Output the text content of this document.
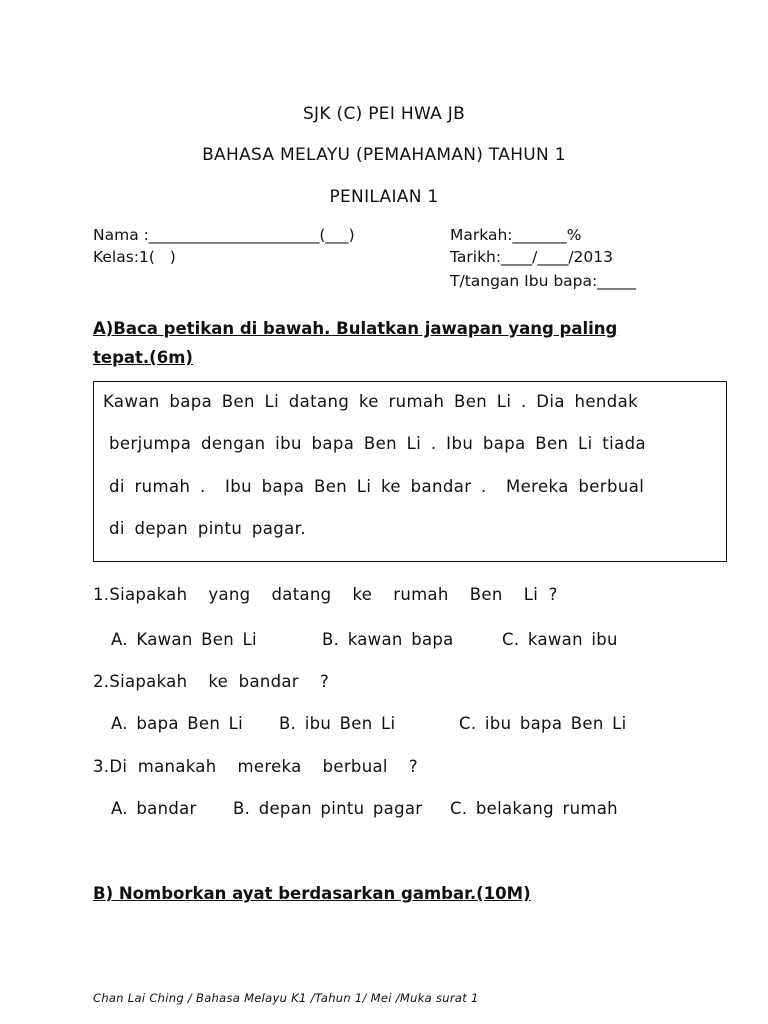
SJK (C) PEI HWA JB
BAHASA MELAYU (PEMAHAMAN) TAHUN 1
PENILAIAN 1
Nama :______________________(___)	Markah:_______%
Kelas:1(   )	Tarikh:____/____/2013
T/tangan Ibu bapa:_____
A)Baca petikan di bawah. Bulatkan jawapan yang paling
tepat.(6m)
Kawan bapa Ben Li datang ke rumah Ben Li . Dia hendak
berjumpa dengan ibu bapa Ben Li . Ibu bapa Ben Li tiada
di rumah .  Ibu bapa Ben Li ke bandar .  Mereka berbual
di depan pintu pagar.
1.Siapakah  yang  datang  ke  rumah  Ben  Li ?
A. Kawan Ben Li	B. kawan bapa	C. kawan ibu
2.Siapakah  ke bandar  ?
A. bapa Ben Li B. ibu Ben Li	C. ibu bapa Ben Li
3.Di manakah  mereka  berbual  ?
A. bandar B. depan pintu pagar C. belakang rumah
B) Nomborkan ayat berdasarkan gambar.(10M)
Chan Lai Ching / Bahasa Melayu K1 /Tahun 1/ Mei /Muka surat 1
